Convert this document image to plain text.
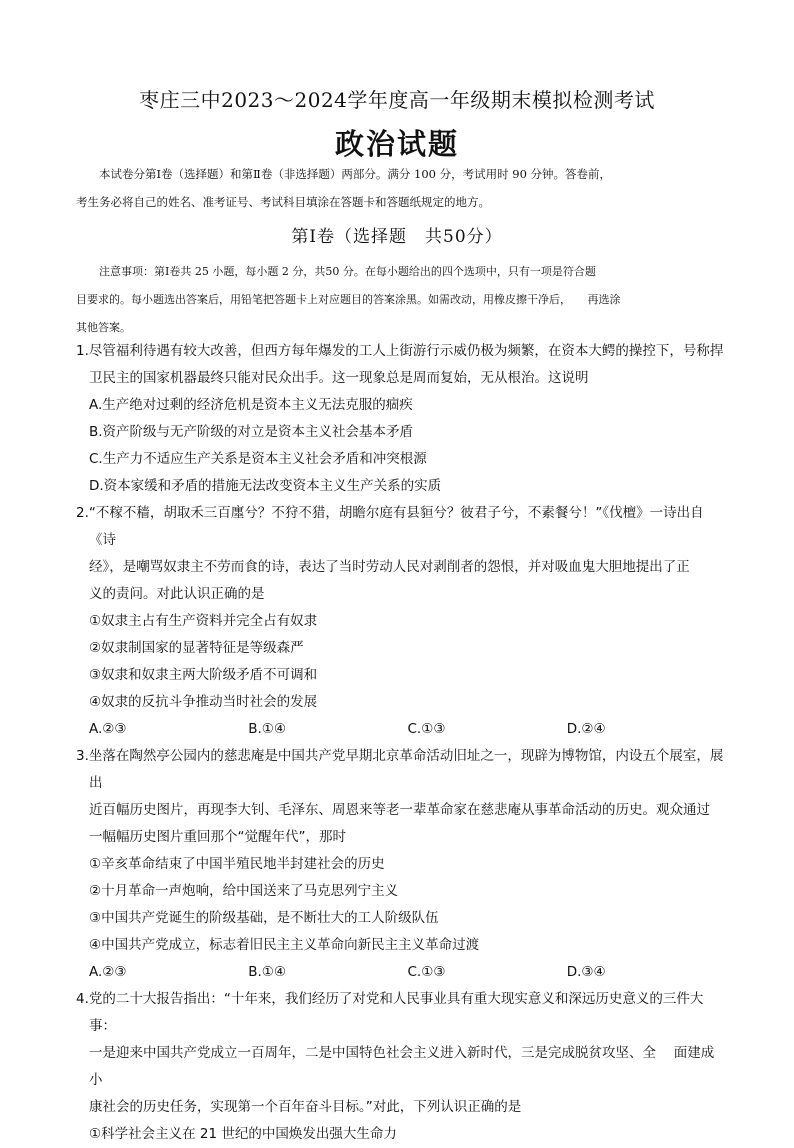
枣庄三中2023～2024学年度高一年级期末模拟检测考试
政治试题

本试卷分第Ⅰ卷（选择题）和第Ⅱ卷（非选择题）两部分。满分 100 分，考试用时 90 分钟。答卷前，

考生务必将自己的姓名、准考证号、考试科目填涂在答题卡和答题纸规定的地方。

第Ⅰ卷（选择题　共50分）

注意事项：第Ⅰ卷共 25 小题，每小题 2 分，共50 分。在每小题给出的四个选项中，只有一项是符合题

目要求的。每小题选出答案后，用铅笔把答题卡上对应题目的答案涂黑。如需改动，用橡皮擦干净后，　　再选涂

其他答案。

1.尽管福利待遇有较大改善，但西方每年爆发的工人上街游行示威仍极为频繁，在资本大鳄的操控下，号称捍

卫民主的国家机器最终只能对民众出手。这一现象总是周而复始，无从根治。这说明

A.生产绝对过剩的经济危机是资本主义无法克服的痼疾

B.资产阶级与无产阶级的对立是资本主义社会基本矛盾

C.生产力不适应生产关系是资本主义社会矛盾和冲突根源

D.资本家缓和矛盾的措施无法改变资本主义生产关系的实质

2.“不稼不穑，胡取禾三百廛兮？不狩不猎，胡瞻尔庭有县貆兮？彼君子兮，不素餐兮！”《伐檀》一诗出自《诗

经》，是嘲骂奴隶主不劳而食的诗，表达了当时劳动人民对剥削者的怨恨，并对吸血鬼大胆地提出了正

义的责问。对此认识正确的是

①奴隶主占有生产资料并完全占有奴隶

②奴隶制国家的显著特征是等级森严

③奴隶和奴隶主两大阶级矛盾不可调和

④奴隶的反抗斗争推动当时社会的发展

A.②③	B.①④	C.①③	D.②④

3.坐落在陶然亭公园内的慈悲庵是中国共产党早期北京革命活动旧址之一，现辟为博物馆，内设五个展室，展出

近百幅历史图片，再现李大钊、毛泽东、周恩来等老一辈革命家在慈悲庵从事革命活动的历史。观众通过

一幅幅历史图片重回那个“觉醒年代”，那时

①辛亥革命结束了中国半殖民地半封建社会的历史

②十月革命一声炮响，给中国送来了马克思列宁主义

③中国共产党诞生的阶级基础，是不断壮大的工人阶级队伍

④中国共产党成立，标志着旧民主主义革命向新民主主义革命过渡

A.②③	B.①④	C.①③	D.③④

4.党的二十大报告指出：“十年来，我们经历了对党和人民事业具有重大现实意义和深远历史意义的三件大事：

一是迎来中国共产党成立一百周年，二是中国特色社会主义进入新时代，三是完成脱贫攻坚、全　 面建成小

康社会的历史任务，实现第一个百年奋斗目标。”对此，下列认识正确的是

①科学社会主义在 21 世纪的中国焕发出强大生命力
